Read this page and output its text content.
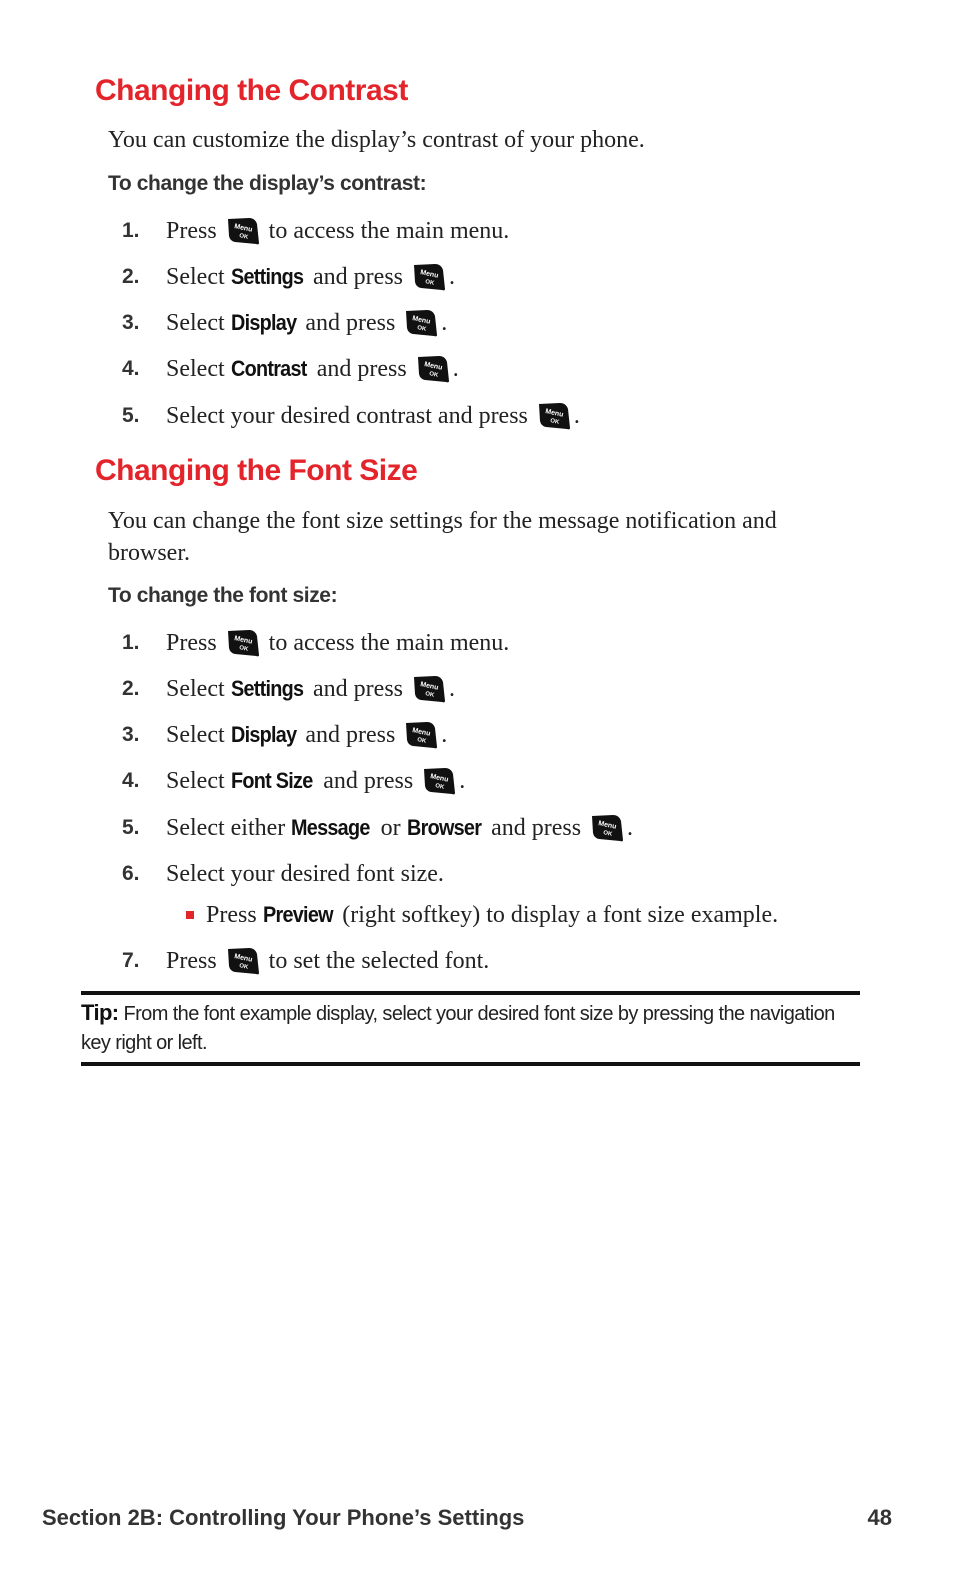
Changing the Contrast

You can customize the display’s contrast of your phone.

To change the display’s contrast:

1.	Press Menu
OK to access the main menu.
2.	Select Settings and press Menu
OK .
3.	Select Display and press Menu
OK .
4.	Select Contrast and press Menu
OK .
5.	Select your desired contrast and press Menu
OK .
Changing the Font Size

You can change the font size settings for the message notification and browser.

To change the font size:

1.	Press Menu
OK to access the main menu.
2.	Select Settings and press Menu
OK .
3.	Select Display and press Menu
OK .
4.	Select Font Size and press Menu
OK .
5.	Select either Message or Browser and press Menu
OK .
6.	Select your desired font size.
Press Preview (right softkey) to display a font size example.
7.	Press Menu
OK to set the selected font.

Tip: From the font example display, select your desired font size by pressing the navigation key right or left.

Section 2B: Controlling Your Phone’s Settings	48
